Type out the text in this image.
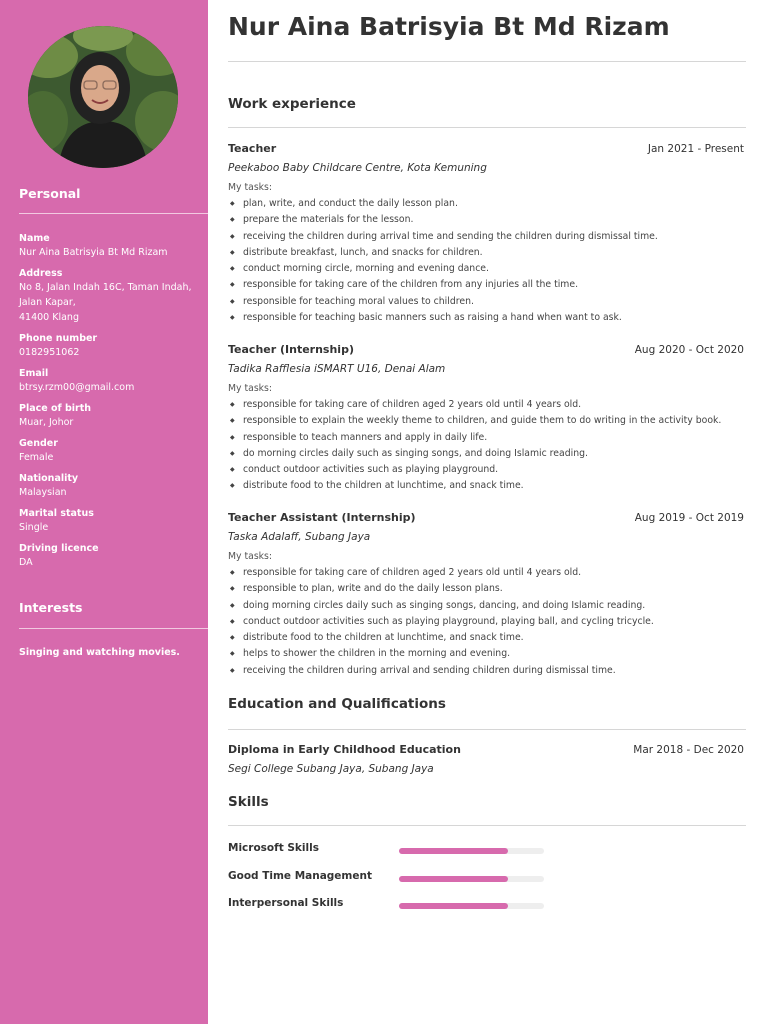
Personal
Name
Nur Aina Batrisyia Bt Md Rizam
Address
No 8, Jalan Indah 16C, Taman Indah,
Jalan Kapar,
41400 Klang
Phone number
0182951062
Email
btrsy.rzm00@gmail.com
Place of birth
Muar, Johor
Gender
Female
Nationality
Malaysian
Marital status
Single
Driving licence
DA
Interests
Singing and watching movies.
Nur Aina Batrisyia Bt Md Rizam
Work experience
Teacher	Jan 2021 - Present
Peekaboo Baby Childcare Centre, Kota Kemuning
My tasks:
◆ plan, write, and conduct the daily lesson plan.
◆ prepare the materials for the lesson.
◆ receiving the children during arrival time and sending the children during dismissal time.
◆ distribute breakfast, lunch, and snacks for children.
◆ conduct morning circle, morning and evening dance.
◆ responsible for taking care of the children from any injuries all the time.
◆ responsible for teaching moral values to children.
◆ responsible for teaching basic manners such as raising a hand when want to ask.
Teacher (Internship)	Aug 2020 - Oct 2020
Tadika Rafflesia iSMART U16, Denai Alam
My tasks:
◆ responsible for taking care of children aged 2 years old until 4 years old.
◆ responsible to explain the weekly theme to children, and guide them to do writing in the activity book.
◆ responsible to teach manners and apply in daily life.
◆ do morning circles daily such as singing songs, and doing Islamic reading.
◆ conduct outdoor activities such as playing playground.
◆ distribute food to the children at lunchtime, and snack time.
Teacher Assistant (Internship)	Aug 2019 - Oct 2019
Taska Adalaff, Subang Jaya
My tasks:
◆ responsible for taking care of children aged 2 years old until 4 years old.
◆ responsible to plan, write and do the daily lesson plans.
◆ doing morning circles daily such as singing songs, dancing, and doing Islamic reading.
◆ conduct outdoor activities such as playing playground, playing ball, and cycling tricycle.
◆ distribute food to the children at lunchtime, and snack time.
◆ helps to shower the children in the morning and evening.
◆ receiving the children during arrival and sending children during dismissal time.
Education and Qualifications
Diploma in Early Childhood Education	Mar 2018 - Dec 2020
Segi College Subang Jaya, Subang Jaya
Skills
Microsoft Skills
Good Time Management
Interpersonal Skills
